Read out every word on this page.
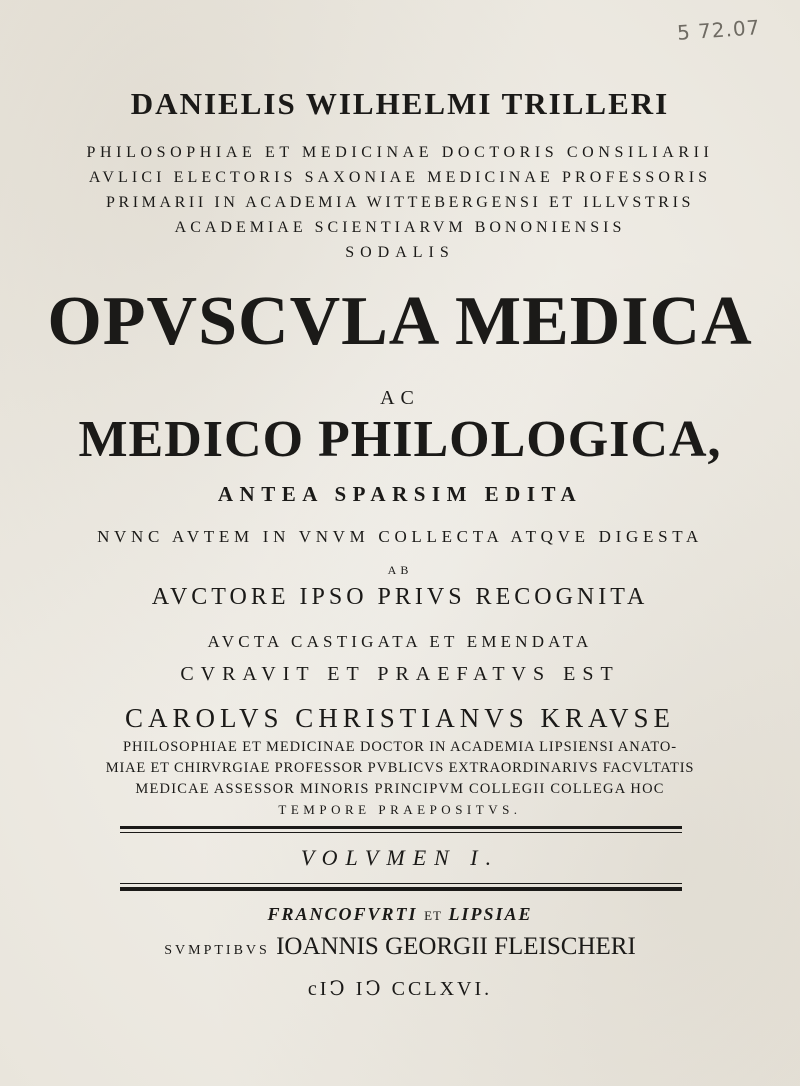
5 72.07
DANIELIS WILHELMI TRILLERI
PHILOSOPHIAE ET MEDICINAE DOCTORIS CONSILIARII
AVLICI ELECTORIS SAXONIAE MEDICINAE PROFESSORIS
PRIMARII IN ACADEMIA WITTEBERGENSI ET ILLVSTRIS
ACADEMIAE SCIENTIARVM BONONIENSIS
SODALIS
OPVSCVLA MEDICA
AC
MEDICO PHILOLOGICA,
ANTEA SPARSIM EDITA
NVNC AVTEM IN VNVM COLLECTA ATQVE DIGESTA
AB
AVCTORE IPSO PRIVS RECOGNITA
AVCTA CASTIGATA ET EMENDATA
CVRAVIT ET PRAEFATVS EST
CAROLVS CHRISTIANVS KRAVSE
PHILOSOPHIAE ET MEDICINAE DOCTOR IN ACADEMIA LIPSIENSI ANATO-
MIAE ET CHIRVRGIAE PROFESSOR PVBLICVS EXTRAORDINARIVS FACVLTATIS
MEDICAE ASSESSOR MINORIS PRINCIPVM COLLEGII COLLEGA HOC
TEMPORE PRAEPOSITVS.
VOLVMEN I.
FRANCOFVRTI ET LIPSIAE
SVMPTIBVS IOANNIS GEORGII FLEISCHERI
cIↃ IↃ CCLXVI.
